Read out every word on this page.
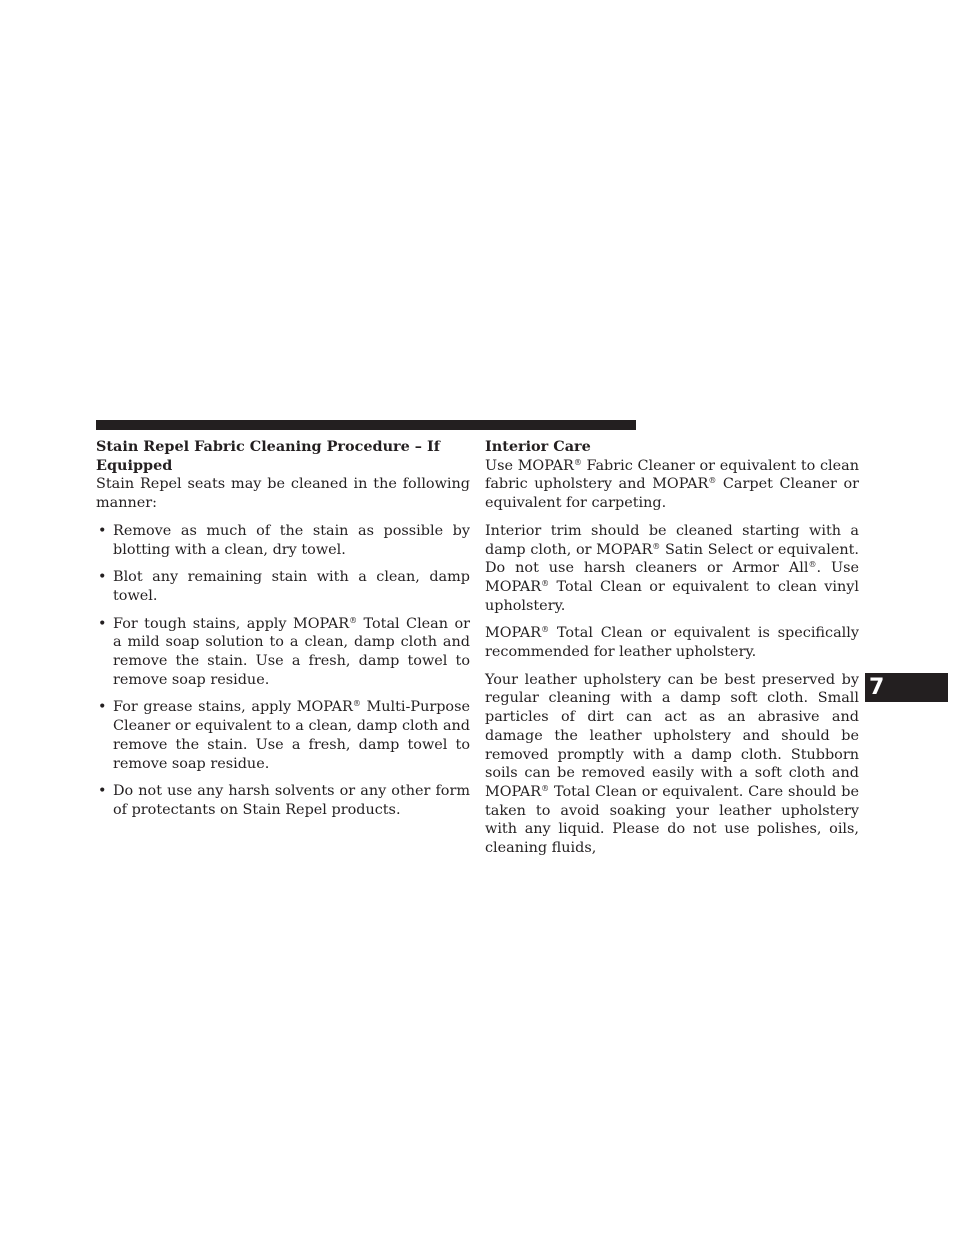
Stain Repel Fabric Cleaning Procedure – If Equipped

Stain Repel seats may be cleaned in the following manner:

• Remove as much of the stain as possible by blotting with a clean, dry towel.
• Blot any remaining stain with a clean, damp towel.
• For tough stains, apply MOPAR® Total Clean or a mild soap solution to a clean, damp cloth and remove the stain. Use a fresh, damp towel to remove soap residue.
• For grease stains, apply MOPAR® Multi-Purpose Cleaner or equivalent to a clean, damp cloth and remove the stain. Use a fresh, damp towel to remove soap residue.
• Do not use any harsh solvents or any other form of protectants on Stain Repel products.

Interior Care

Use MOPAR® Fabric Cleaner or equivalent to clean fabric upholstery and MOPAR® Carpet Cleaner or equivalent for carpeting.

Interior trim should be cleaned starting with a damp cloth, or MOPAR® Satin Select or equivalent. Do not use harsh cleaners or Armor All®. Use MOPAR® Total Clean or equivalent to clean vinyl upholstery.

MOPAR® Total Clean or equivalent is specifically recommended for leather upholstery.

Your leather upholstery can be best preserved by regular cleaning with a damp soft cloth. Small particles of dirt can act as an abrasive and damage the leather upholstery and should be removed promptly with a damp cloth. Stubborn soils can be removed easily with a soft cloth and MOPAR® Total Clean or equivalent. Care should be taken to avoid soaking your leather upholstery with any liquid. Please do not use polishes, oils, cleaning fluids,

7
